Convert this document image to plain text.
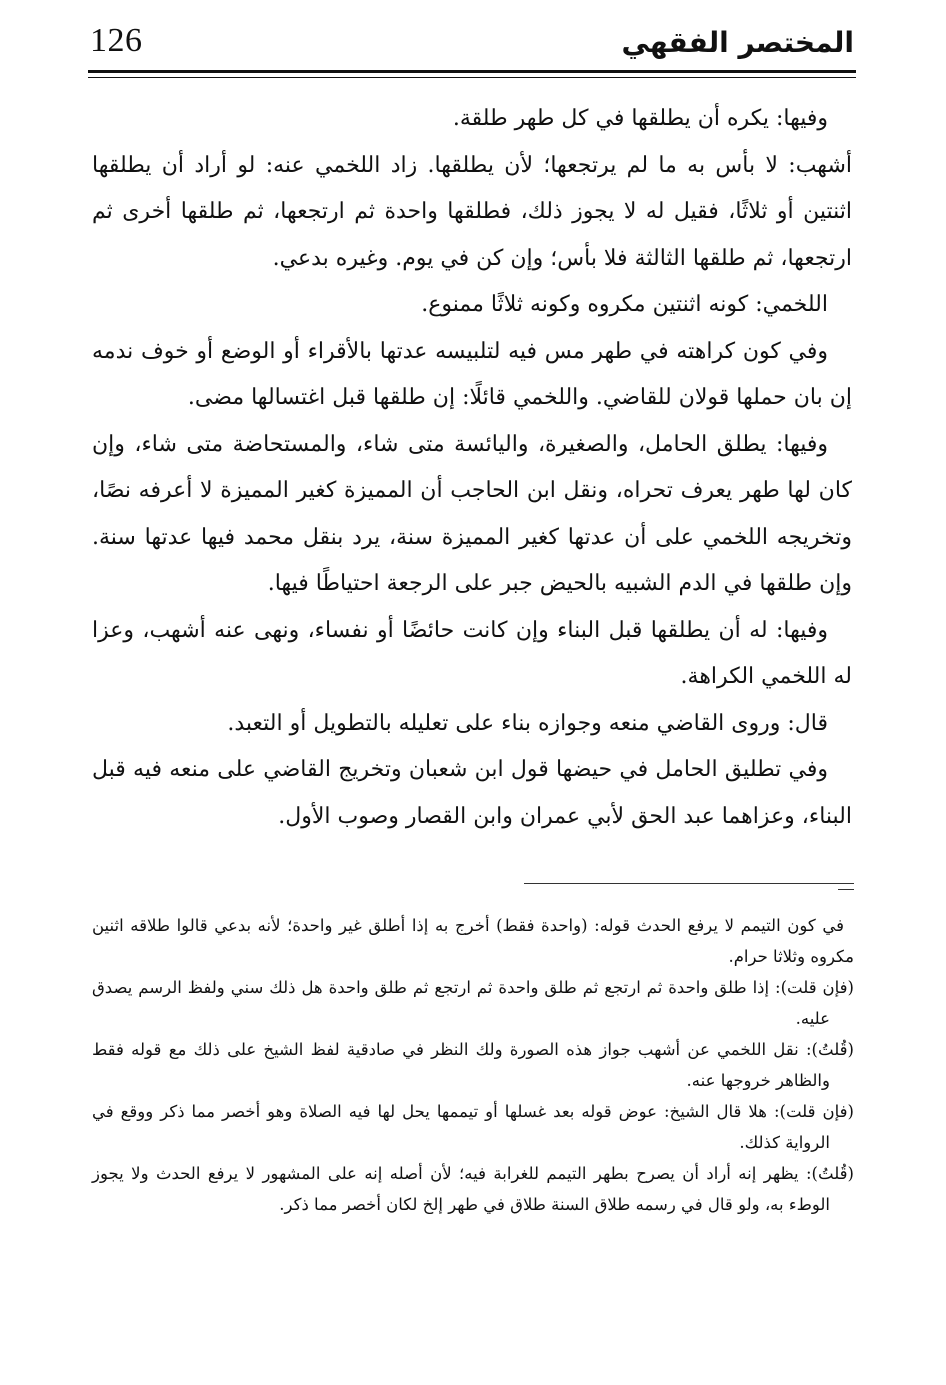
126	المختصر الفقهي

وفيها: يكره أن يطلقها في كل طهر طلقة.

أشهب: لا بأس به ما لم يرتجعها؛ لأن يطلقها. زاد اللخمي عنه: لو أراد أن يطلقها اثنتين أو ثلاثًا، فقيل له لا يجوز ذلك، فطلقها واحدة ثم ارتجعها، ثم طلقها أخرى ثم ارتجعها، ثم طلقها الثالثة فلا بأس؛ وإن كن في يوم. وغيره بدعي.

اللخمي: كونه اثنتين مكروه وكونه ثلاثًا ممنوع.

وفي كون كراهته في طهر مس فيه لتلبيسه عدتها بالأقراء أو الوضع أو خوف ندمه إن بان حملها قولان للقاضي. واللخمي قائلًا: إن طلقها قبل اغتسالها مضى.

وفيها: يطلق الحامل، والصغيرة، واليائسة متى شاء، والمستحاضة متى شاء، وإن كان لها طهر يعرف تحراه، ونقل ابن الحاجب أن المميزة كغير المميزة لا أعرفه نصًا، وتخريجه اللخمي على أن عدتها كغير المميزة سنة، يرد بنقل محمد فيها عدتها سنة. وإن طلقها في الدم الشبيه بالحيض جبر على الرجعة احتياطًا فيها.

وفيها: له أن يطلقها قبل البناء وإن كانت حائضًا أو نفساء، ونهى عنه أشهب، وعزا له اللخمي الكراهة.

قال: وروى القاضي منعه وجوازه بناء على تعليله بالتطويل أو التعبد.

وفي تطليق الحامل في حيضها قول ابن شعبان وتخريج القاضي على منعه فيه قبل البناء، وعزاهما عبد الحق لأبي عمران وابن القصار وصوب الأول.

في كون التيمم لا يرفع الحدث قوله: (واحدة فقط) أخرج به إذا أطلق غير واحدة؛ لأنه بدعي قالوا طلاقه اثنين مكروه وثلاثا حرام.

(فإن قلت): إذا طلق واحدة ثم ارتجع ثم طلق واحدة ثم ارتجع ثم طلق واحدة هل ذلك سني ولفظ الرسم يصدق عليه.

(قُلتُ): نقل اللخمي عن أشهب جواز هذه الصورة ولك النظر في صادقية لفظ الشيخ على ذلك مع قوله فقط والظاهر خروجها عنه.

(فإن قلت): هلا قال الشيخ: عوض قوله بعد غسلها أو تيممها يحل لها فيه الصلاة وهو أخصر مما ذكر ووقع في الرواية كذلك.

(قُلتُ): يظهر إنه أراد أن يصرح بطهر التيمم للغرابة فيه؛ لأن أصله إنه على المشهور لا يرفع الحدث ولا يجوز الوطء به، ولو قال في رسمه طلاق السنة طلاق في طهر إلخ لكان أخصر مما ذكر.
